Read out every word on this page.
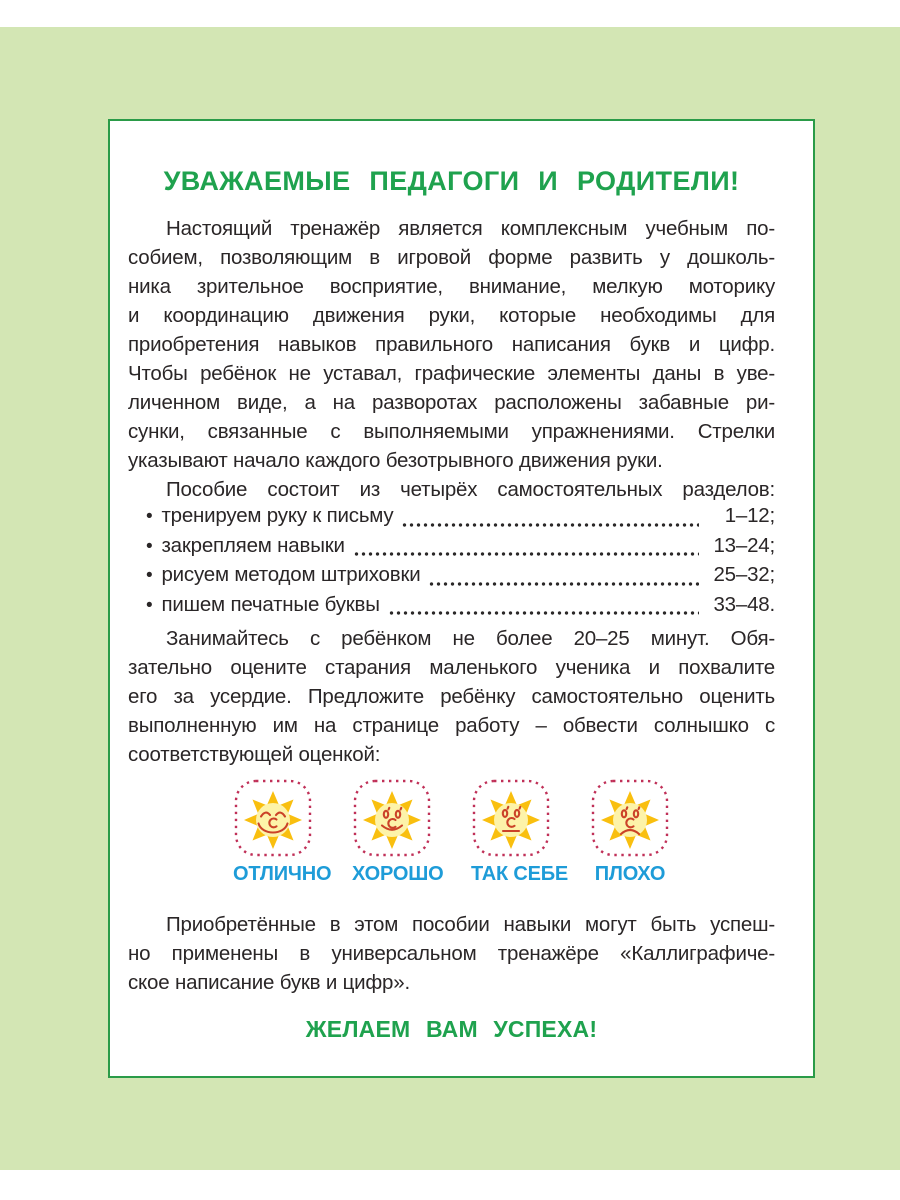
УВАЖАЕМЫЕ ПЕДАГОГИ И РОДИТЕЛИ!
Настоящий тренажёр является комплексным учебным по-
собием, позволяющим в игровой форме развить у дошколь-
ника зрительное восприятие, внимание, мелкую моторику
и координацию движения руки, которые необходимы для
приобретения навыков правильного написания букв и цифр.
Чтобы ребёнок не уставал, графические элементы даны в уве-
личенном виде, а на разворотах расположены забавные ри-
сунки, связанные с выполняемыми упражнениями. Стрелки
указывают начало каждого безотрывного движения руки.
Пособие состоит из четырёх самостоятельных разделов:
• тренируем руку к письму	1–12;
• закрепляем навыки	13–24;
• рисуем методом штриховки	25–32;
• пишем печатные буквы	33–48.
Занимайтесь с ребёнком не более 20–25 минут. Обя-
зательно оцените старания маленького ученика и похвалите
его за усердие. Предложите ребёнку самостоятельно оценить
выполненную им на странице работу – обвести солнышко с
соответствующей оценкой:
ОТЛИЧНО ХОРОШО ТАК СЕБЕ ПЛОХО
Приобретённые в этом пособии навыки могут быть успеш-
но применены в универсальном тренажёре «Каллиграфиче-
ское написание букв и цифр».
ЖЕЛАЕМ ВАМ УСПЕХА!
